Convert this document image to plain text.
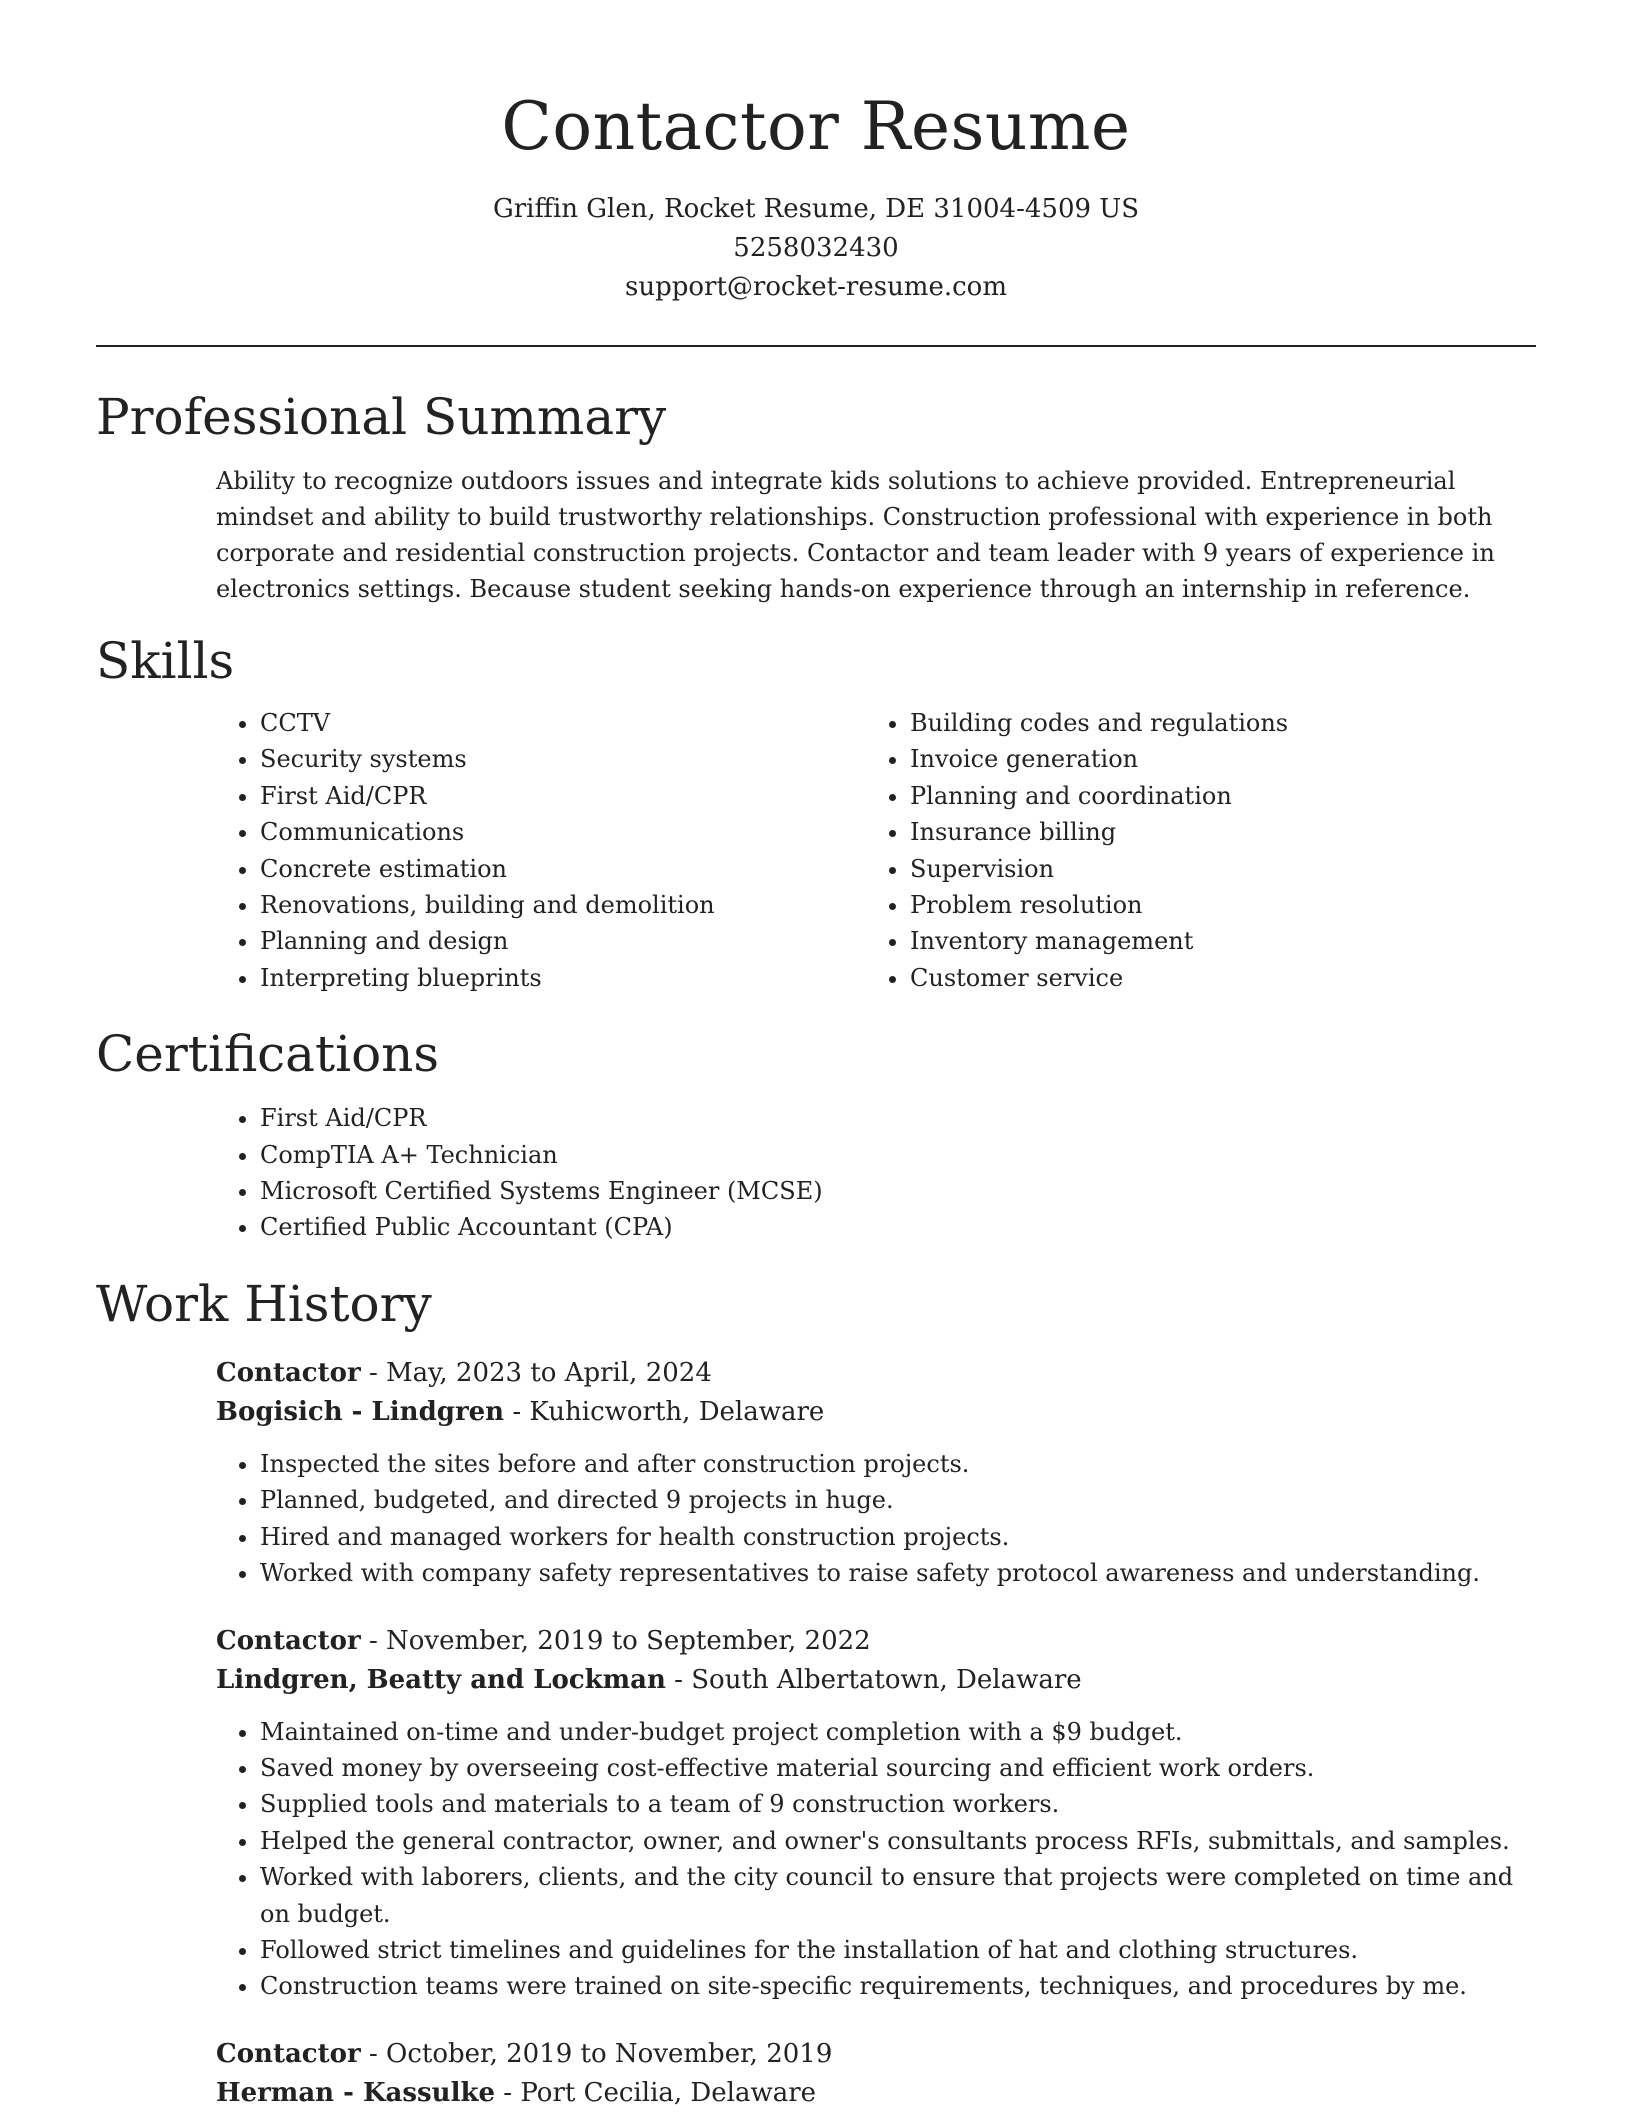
Contactor Resume
Griffin Glen, Rocket Resume, DE 31004-4509 US
5258032430
support@rocket-resume.com
Professional Summary
Ability to recognize outdoors issues and integrate kids solutions to achieve provided. Entrepreneurial mindset and ability to build trustworthy relationships. Construction professional with experience in both corporate and residential construction projects. Contactor and team leader with 9 years of experience in electronics settings. Because student seeking hands-on experience through an internship in reference.
Skills
• CCTV
• Security systems
• First Aid/CPR
• Communications
• Concrete estimation
• Renovations, building and demolition
• Planning and design
• Interpreting blueprints
• Building codes and regulations
• Invoice generation
• Planning and coordination
• Insurance billing
• Supervision
• Problem resolution
• Inventory management
• Customer service
Certifications
• First Aid/CPR
• CompTIA A+ Technician
• Microsoft Certified Systems Engineer (MCSE)
• Certified Public Accountant (CPA)
Work History
Contactor - May, 2023 to April, 2024
Bogisich - Lindgren - Kuhicworth, Delaware
• Inspected the sites before and after construction projects.
• Planned, budgeted, and directed 9 projects in huge.
• Hired and managed workers for health construction projects.
• Worked with company safety representatives to raise safety protocol awareness and understanding.
Contactor - November, 2019 to September, 2022
Lindgren, Beatty and Lockman - South Albertatown, Delaware
• Maintained on-time and under-budget project completion with a $9 budget.
• Saved money by overseeing cost-effective material sourcing and efficient work orders.
• Supplied tools and materials to a team of 9 construction workers.
• Helped the general contractor, owner, and owner's consultants process RFIs, submittals, and samples.
• Worked with laborers, clients, and the city council to ensure that projects were completed on time and on budget.
• Followed strict timelines and guidelines for the installation of hat and clothing structures.
• Construction teams were trained on site-specific requirements, techniques, and procedures by me.
Contactor - October, 2019 to November, 2019
Herman - Kassulke - Port Cecilia, Delaware
